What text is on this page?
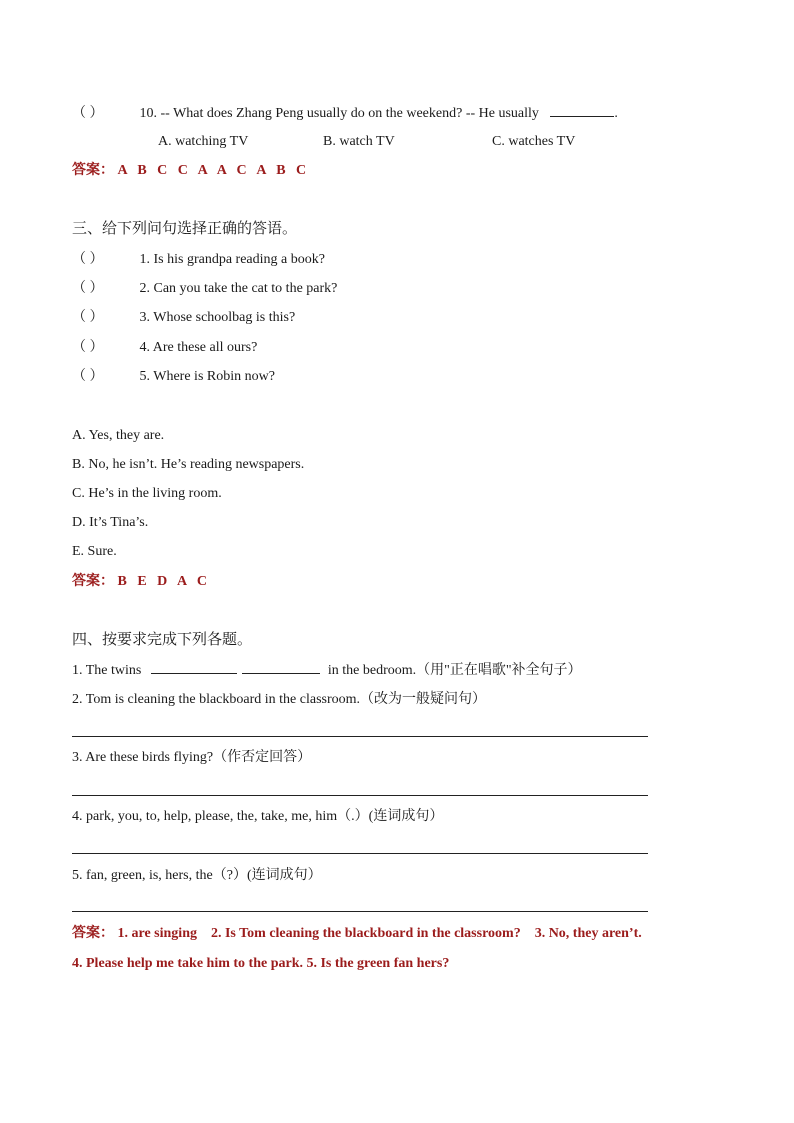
（ ）	10. -- What does Zhang Peng usually do on the weekend? -- He usually	.
A. watching TV	B. watch TV	C. watches TV
答案： A   B   C   C   A   A   C   A   B   C
三、给下列问句选择正确的答语。
（ ）	1. Is his grandpa reading a book?
（ ）	2. Can you take the cat to the park?
（ ）	3. Whose schoolbag is this?
（ ）	4. Are these all ours?
（ ）	5. Where is Robin now?
A. Yes, they are.
B. No, he isn’t. He’s reading newspapers.
C. He’s in the living room.
D. It’s Tina’s.
E. Sure.
答案： B   E   D   A   C
四、按要求完成下列各题。
1. The twins	in the bedroom.（用"正在唱歌"补全句子）
2. Tom is cleaning the blackboard in the classroom.（改为一般疑问句）
3. Are these birds flying?（作否定回答）
4. park, you, to, help, please, the, take, me, him（.）(连词成句）
5. fan, green, is, hers, the（?）(连词成句）
答案： 1. are singing    2. Is Tom cleaning the blackboard in the classroom?    3. No, they aren’t.
4. Please help me take him to the park. 5. Is the green fan hers?
